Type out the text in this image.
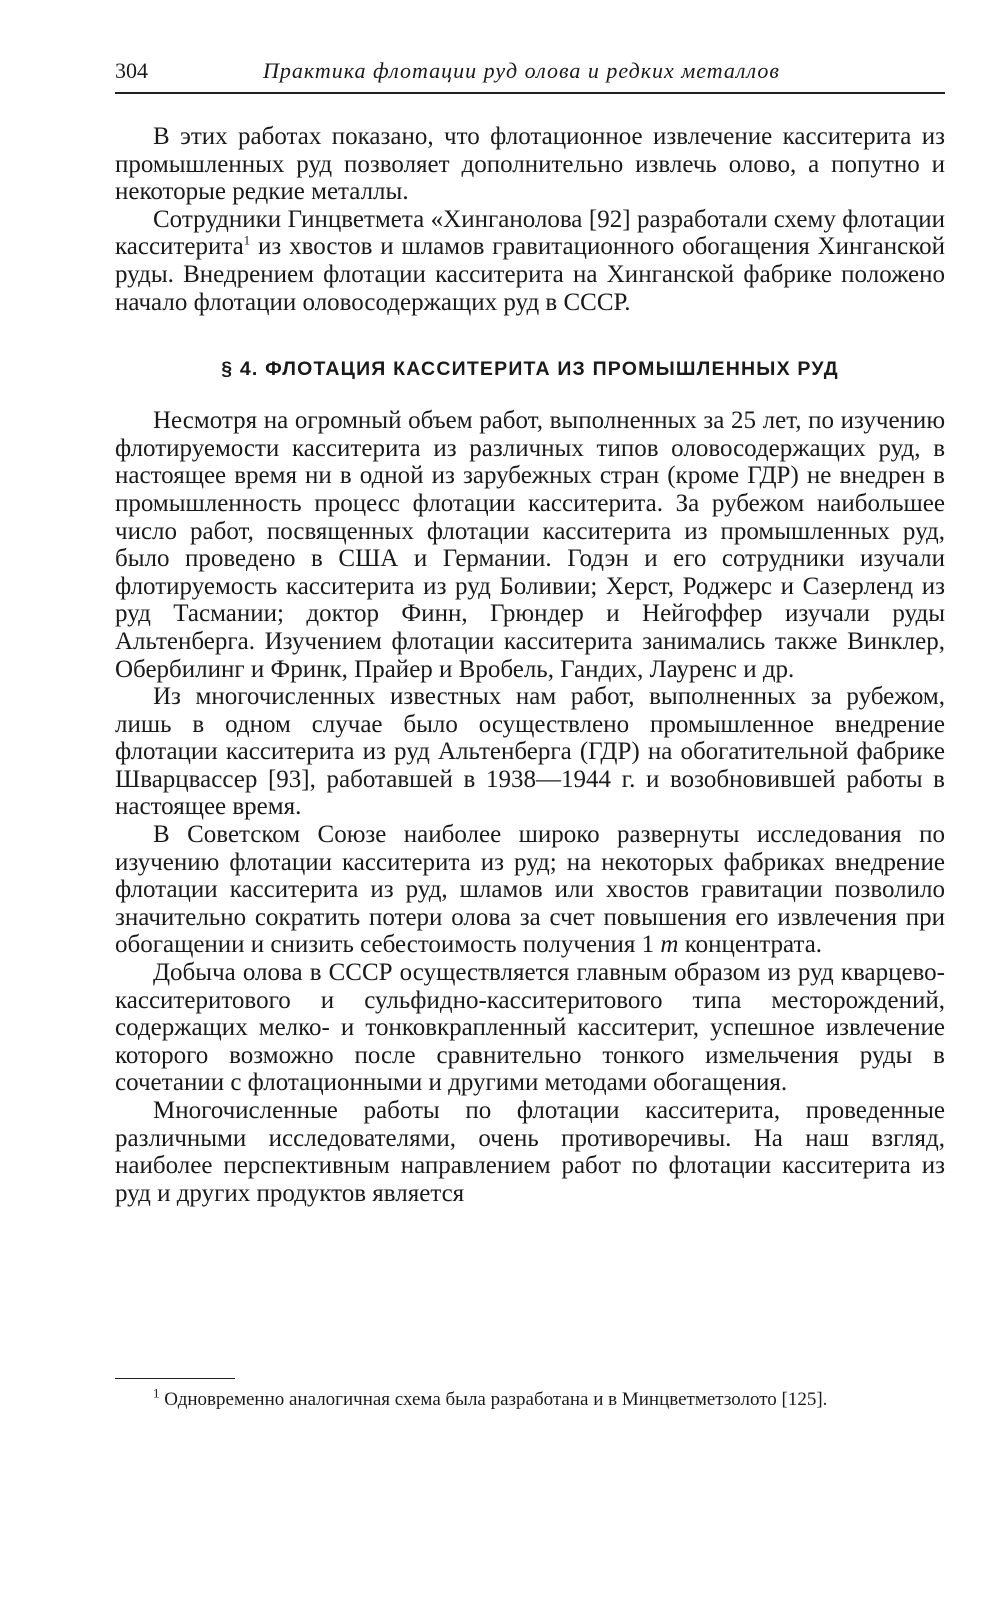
304	Практика флотации руд олова и редких металлов

В этих работах показано, что флотационное извлечение касситерита из промышленных руд позволяет дополнительно извлечь олово, а попутно и некоторые редкие металлы.

Сотрудники Гинцветмета «Хинганолова [92] разработали схему флотации касситерита$^1$ из хвостов и шламов гравитационного обогащения Хинганской руды. Внедрением флотации касситерита на Хинганской фабрике положено начало флотации оловосодержащих руд в СССР.

§ 4. ФЛОТАЦИЯ КАССИТЕРИТА ИЗ ПРОМЫШЛЕННЫХ РУД

Несмотря на огромный объем работ, выполненных за 25 лет, по изучению флотируемости касситерита из различных типов оловосодержащих руд, в настоящее время ни в одной из зарубежных стран (кроме ГДР) не внедрен в промышленность процесс флотации касситерита. За рубежом наибольшее число работ, посвященных флотации касситерита из промышленных руд, было проведено в США и Германии. Годэн и его сотрудники изучали флотируемость касситерита из руд Боливии; Херст, Роджерс и Сазерленд из руд Тасмании; доктор Финн, Грюндер и Нейгоффер изучали руды Альтенберга. Изучением флотации касситерита занимались также Винклер, Обербилинг и Фринк, Прайер и Вробель, Гандих, Лауренс и др.

Из многочисленных известных нам работ, выполненных за рубежом, лишь в одном случае было осуществлено промышленное внедрение флотации касситерита из руд Альтенберга (ГДР) на обогатительной фабрике Шварцвассер [93], работавшей в 1938—1944 г. и возобновившей работы в настоящее время.

В Советском Союзе наиболее широко развернуты исследования по изучению флотации касситерита из руд; на некоторых фабриках внедрение флотации касситерита из руд, шламов или хвостов гравитации позволило значительно сократить потери олова за счет повышения его извлечения при обогащении и снизить себестоимость получения 1 т концентрата.

Добыча олова в СССР осуществляется главным образом из руд кварцево-касситеритового и сульфидно-касситеритового типа месторождений, содержащих мелко- и тонковкрапленный касситерит, успешное извлечение которого возможно после сравнительно тонкого измельчения руды в сочетании с флотационными и другими методами обогащения.

Многочисленные работы по флотации касситерита, проведенные различными исследователями, очень противоречивы. На наш взгляд, наиболее перспективным направлением работ по флотации касситерита из руд и других продуктов является

$^1$ Одновременно аналогичная схема была разработана и в Минцветметзолото [125].
